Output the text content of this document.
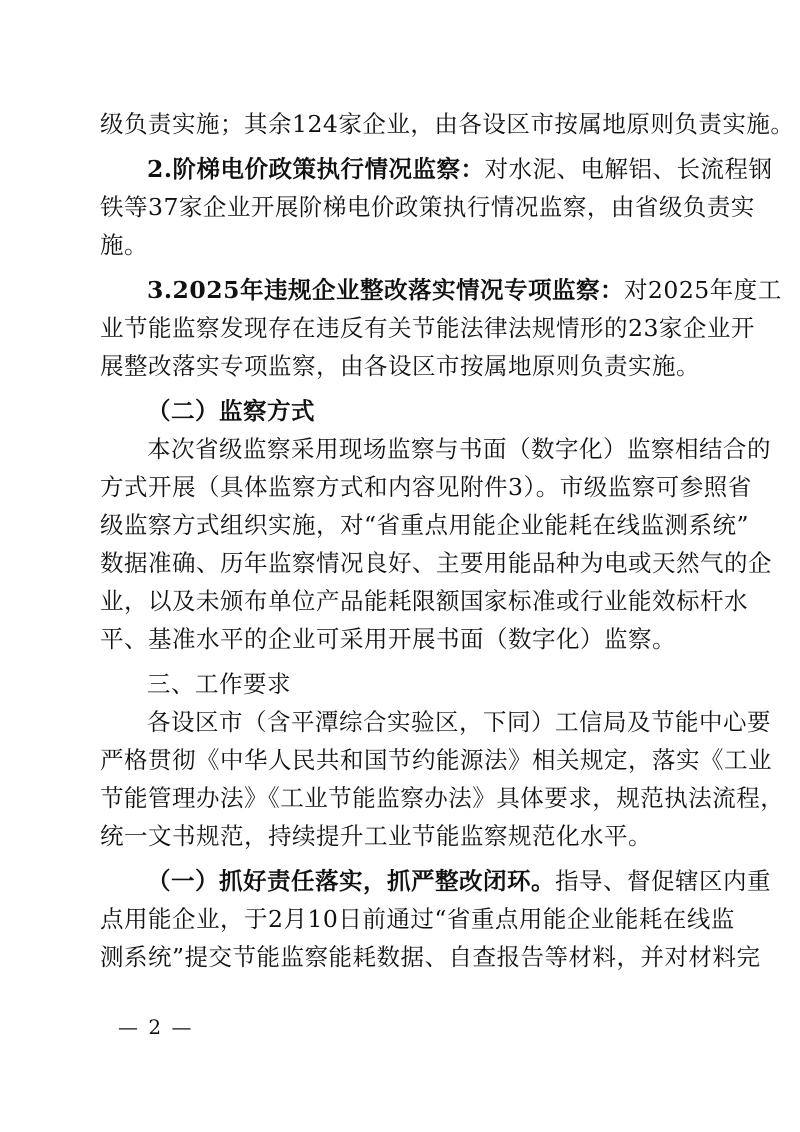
级负责实施；其余124家企业，由各设区市按属地原则负责实施。
2.阶梯电价政策执行情况监察：对水泥、电解铝、长流程钢
铁等37家企业开展阶梯电价政策执行情况监察，由省级负责实
施。
3.2025年违规企业整改落实情况专项监察：对2025年度工
业节能监察发现存在违反有关节能法律法规情形的23家企业开
展整改落实专项监察，由各设区市按属地原则负责实施。
（二）监察方式
本次省级监察采用现场监察与书面（数字化）监察相结合的
方式开展（具体监察方式和内容见附件3）。市级监察可参照省
级监察方式组织实施，对“省重点用能企业能耗在线监测系统”
数据准确、历年监察情况良好、主要用能品种为电或天然气的企
业，以及未颁布单位产品能耗限额国家标准或行业能效标杆水
平、基准水平的企业可采用开展书面（数字化）监察。
三、工作要求
各设区市（含平潭综合实验区，下同）工信局及节能中心要
严格贯彻《中华人民共和国节约能源法》相关规定，落实《工业
节能管理办法》《工业节能监察办法》具体要求，规范执法流程，
统一文书规范，持续提升工业节能监察规范化水平。
（一）抓好责任落实，抓严整改闭环。指导、督促辖区内重
点用能企业，于2月10日前通过“省重点用能企业能耗在线监
测系统”提交节能监察能耗数据、自查报告等材料，并对材料完
— 2 —
